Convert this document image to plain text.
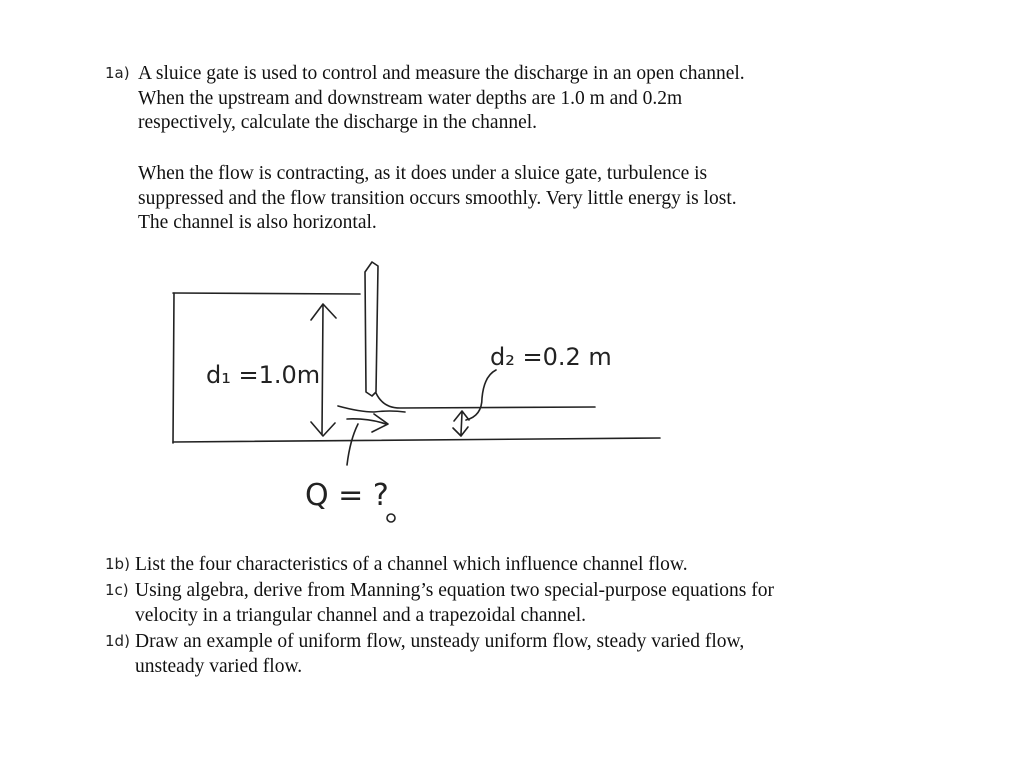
1a) A sluice gate is used to control and measure the discharge in an open channel.
When the upstream and downstream water depths are 1.0 m and 0.2m
respectively, calculate the discharge in the channel.
When the flow is contracting, as it does under a sluice gate, turbulence is
suppressed and the flow transition occurs smoothly. Very little energy is lost.
The channel is also horizontal.
d₁ =1.0m
d₂ =0.2 m
Q = ?
1b) List the four characteristics of a channel which influence channel flow.
1c) Using algebra, derive from Manning’s equation two special-purpose equations for
velocity in a triangular channel and a trapezoidal channel.
1d) Draw an example of uniform flow, unsteady uniform flow, steady varied flow,
unsteady varied flow.
